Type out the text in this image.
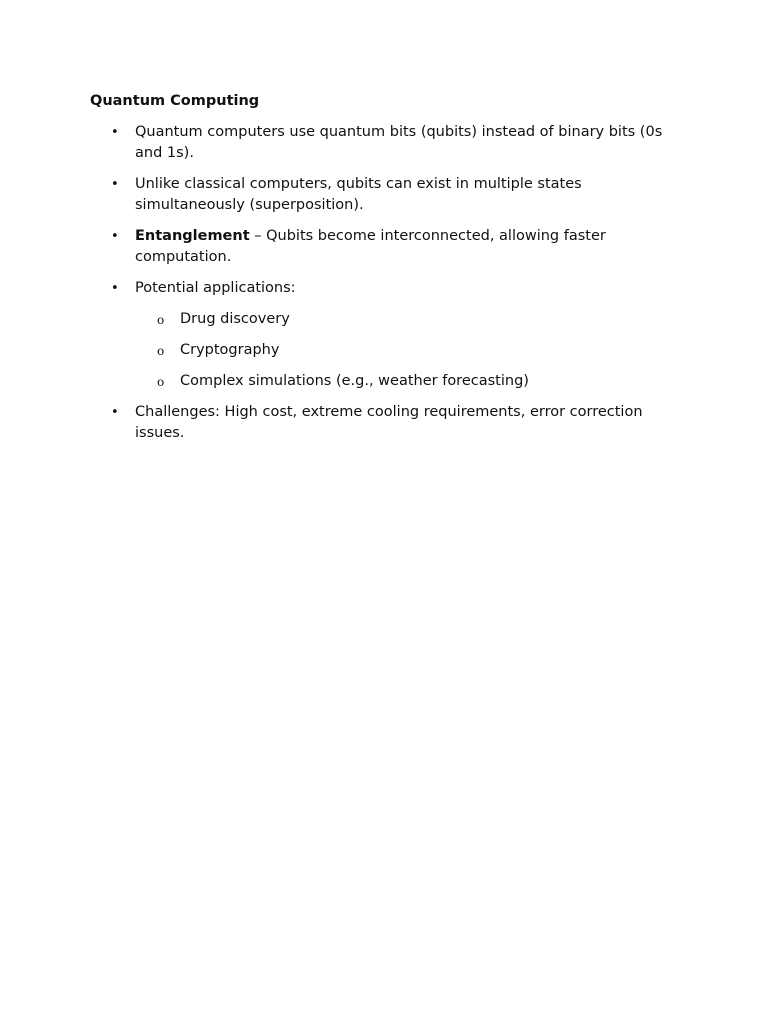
Quantum Computing
• Quantum computers use quantum bits (qubits) instead of binary bits (0s and 1s).
• Unlike classical computers, qubits can exist in multiple states simultaneously (superposition).
• Entanglement – Qubits become interconnected, allowing faster computation.
• Potential applications:
o Drug discovery
o Cryptography
o Complex simulations (e.g., weather forecasting)
• Challenges: High cost, extreme cooling requirements, error correction issues.
